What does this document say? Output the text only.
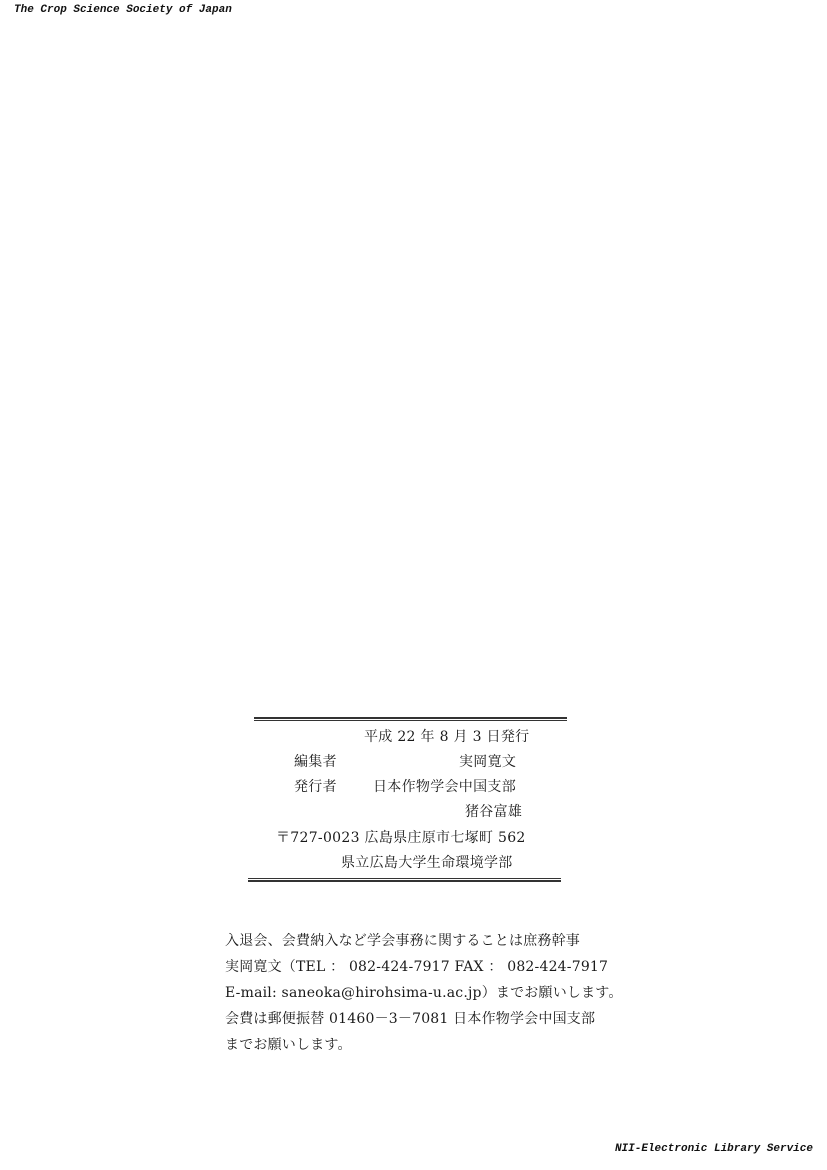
The Crop Science Society of Japan
平成 22 年 8 月 3 日発行
編集者	実岡寛文
発行者	日本作物学会中国支部
猪谷富雄
〒727-0023 広島県庄原市七塚町 562
県立広島大学生命環境学部
入退会、会費納入など学会事務に関することは庶務幹事
実岡寛文（TEL ： 082-424-7917 FAX ： 082-424-7917
E-mail: saneoka@hirohsima-u.ac.jp）までお願いします。
会費は郵便振替 01460－3－7081 日本作物学会中国支部
までお願いします。
NII-Electronic Library Service
